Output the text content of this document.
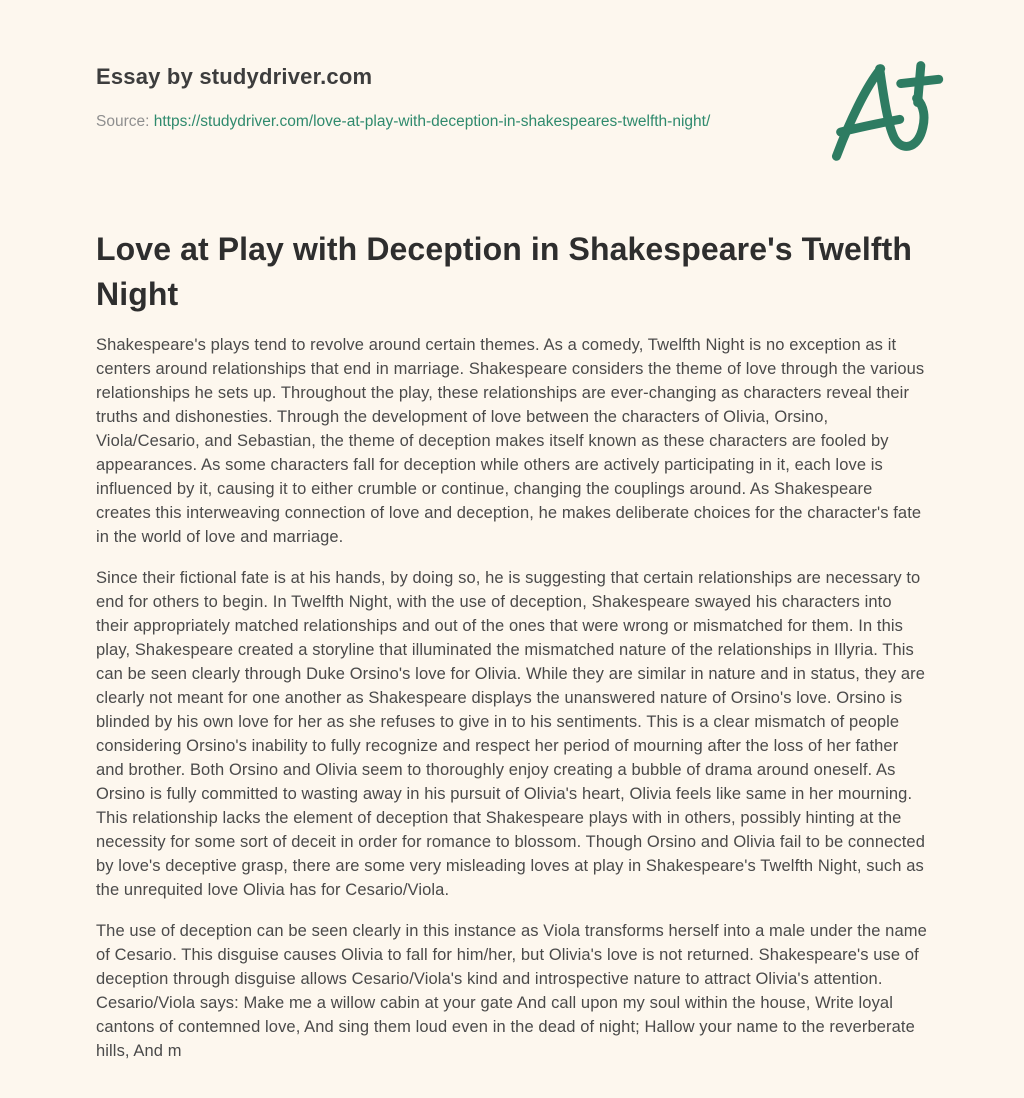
Essay by studydriver.com
Source: https://studydriver.com/love-at-play-with-deception-in-shakespeares-twelfth-night/
Love at Play with Deception in Shakespeare's Twelfth Night

Shakespeare's plays tend to revolve around certain themes. As a comedy, Twelfth Night is no exception as it centers around relationships that end in marriage. Shakespeare considers the theme of love through the various relationships he sets up. Throughout the play, these relationships are ever-changing as characters reveal their truths and dishonesties. Through the development of love between the characters of Olivia, Orsino, Viola/Cesario, and Sebastian, the theme of deception makes itself known as these characters are fooled by appearances. As some characters fall for deception while others are actively participating in it, each love is influenced by it, causing it to either crumble or continue, changing the couplings around. As Shakespeare creates this interweaving connection of love and deception, he makes deliberate choices for the character's fate in the world of love and marriage.

Since their fictional fate is at his hands, by doing so, he is suggesting that certain relationships are necessary to end for others to begin. In Twelfth Night, with the use of deception, Shakespeare swayed his characters into their appropriately matched relationships and out of the ones that were wrong or mismatched for them. In this play, Shakespeare created a storyline that illuminated the mismatched nature of the relationships in Illyria. This can be seen clearly through Duke Orsino's love for Olivia. While they are similar in nature and in status, they are clearly not meant for one another as Shakespeare displays the unanswered nature of Orsino's love. Orsino is blinded by his own love for her as she refuses to give in to his sentiments. This is a clear mismatch of people considering Orsino's inability to fully recognize and respect her period of mourning after the loss of her father and brother. Both Orsino and Olivia seem to thoroughly enjoy creating a bubble of drama around oneself. As Orsino is fully committed to wasting away in his pursuit of Olivia's heart, Olivia feels like same in her mourning. This relationship lacks the element of deception that Shakespeare plays with in others, possibly hinting at the necessity for some sort of deceit in order for romance to blossom. Though Orsino and Olivia fail to be connected by love's deceptive grasp, there are some very misleading loves at play in Shakespeare's Twelfth Night, such as the unrequited love Olivia has for Cesario/Viola.

The use of deception can be seen clearly in this instance as Viola transforms herself into a male under the name of Cesario. This disguise causes Olivia to fall for him/her, but Olivia's love is not returned. Shakespeare's use of deception through disguise allows Cesario/Viola's kind and introspective nature to attract Olivia's attention. Cesario/Viola says: Make me a willow cabin at your gate And call upon my soul within the house, Write loyal cantons of contemned love, And sing them loud even in the dead of night; Hallow your name to the reverberate hills, And m
